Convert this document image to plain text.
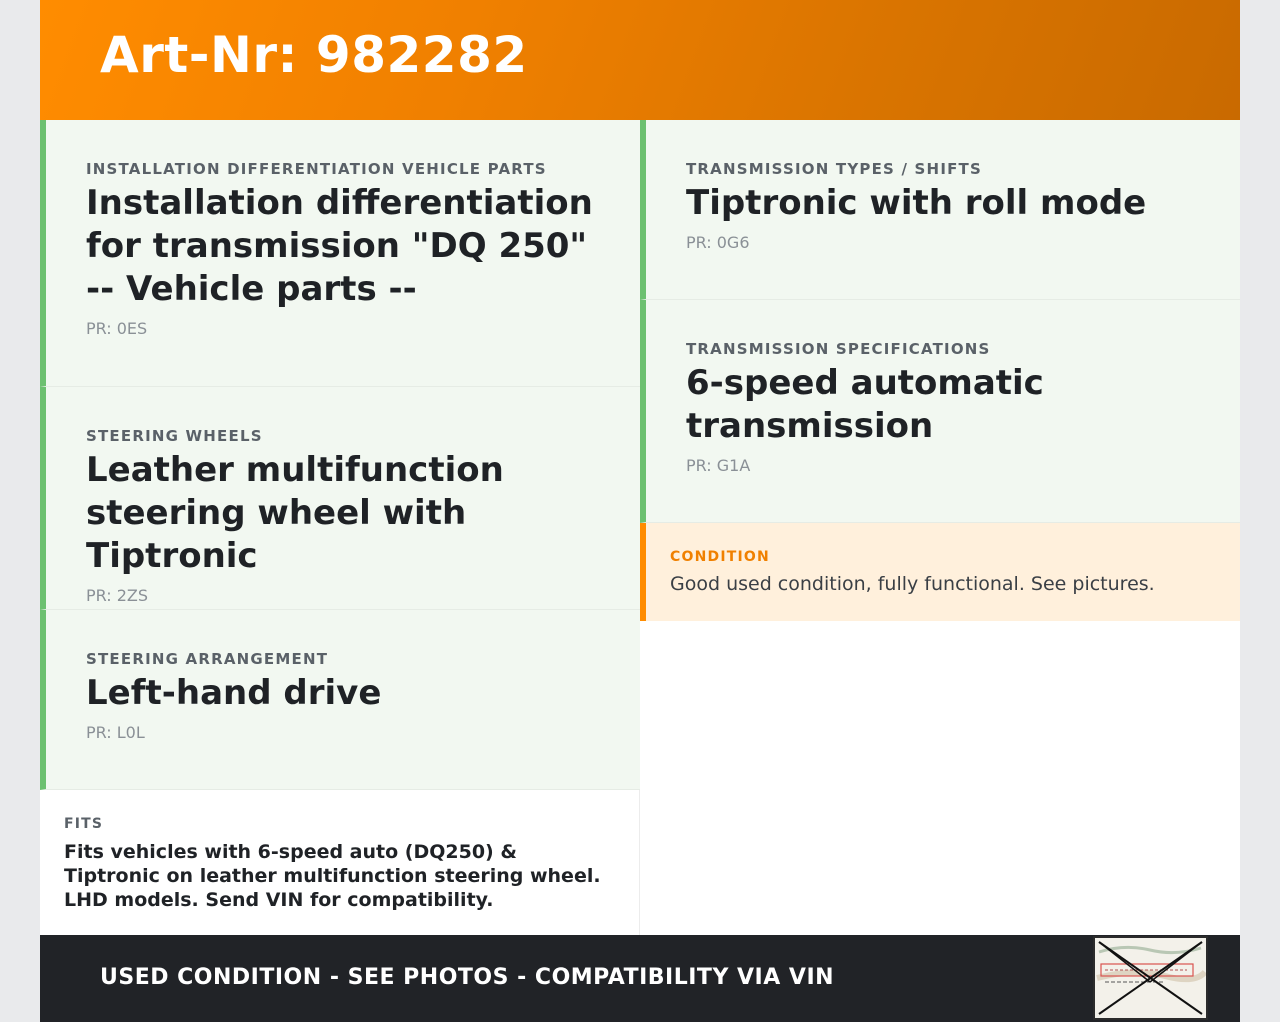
Art-Nr: 982282

INSTALLATION DIFFERENTIATION VEHICLE PARTS

Installation differentiation for transmission "DQ 250" -- Vehicle parts --

PR: 0ES

STEERING WHEELS

Leather multifunction steering wheel with Tiptronic

PR: 2ZS

STEERING ARRANGEMENT

Left-hand drive

PR: L0L

TRANSMISSION TYPES / SHIFTS

Tiptronic with roll mode

PR: 0G6

TRANSMISSION SPECIFICATIONS

6-speed automatic transmission

PR: G1A

CONDITION

Good used condition, fully functional. See pictures.

FITS

Fits vehicles with 6-speed auto (DQ250) & Tiptronic on leather multifunction steering wheel. LHD models. Send VIN for compatibility.

USED CONDITION - SEE PHOTOS - COMPATIBILITY VIA VIN
